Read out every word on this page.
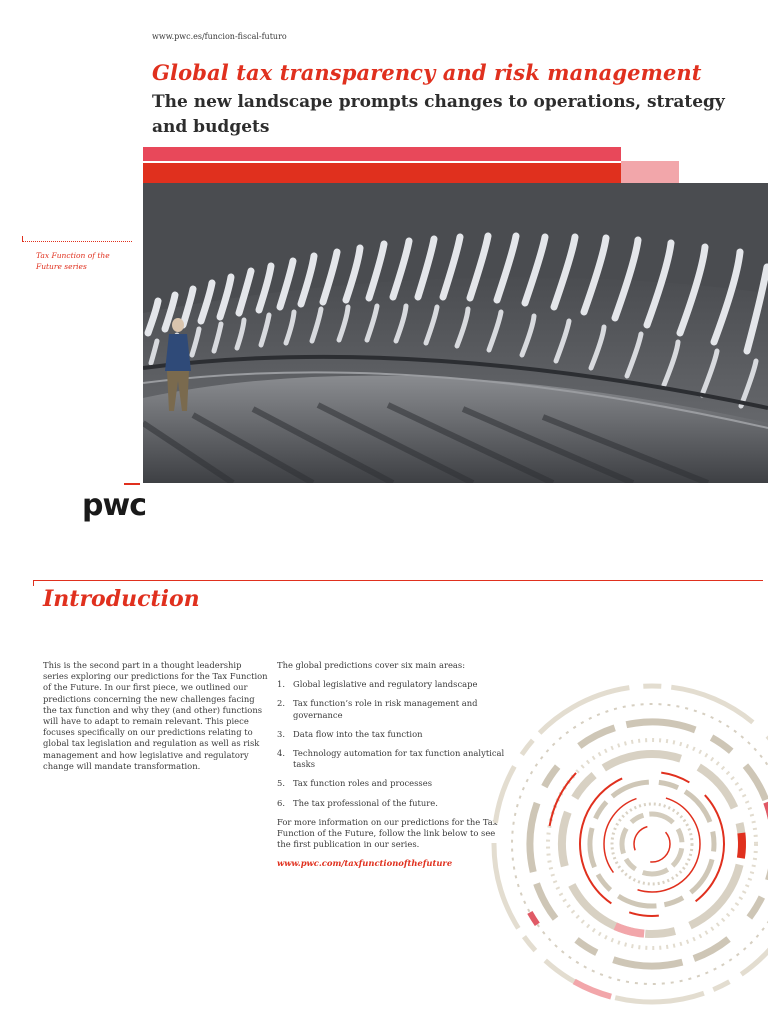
www.pwc.es/funcion-fiscal-futuro
Global tax transparency and risk management
The new landscape prompts changes to operations, strategy and budgets
Tax Function of the Future series
pwc
Introduction
This is the second part in a thought leadership series exploring our predictions for the Tax Function of the Future. In our first piece, we outlined our predictions concerning the new challenges facing the tax function and why they (and other) functions will have to adapt to remain relevant. This piece focuses specifically on our predictions relating to global tax legislation and regulation as well as risk management and how legislative and regulatory change will mandate transformation.

The global predictions cover six main areas:

1. Global legislative and regulatory landscape
2. Tax function’s role in risk management and governance
3. Data flow into the tax function
4. Technology automation for tax function analytical tasks
5. Tax function roles and processes
6. The tax professional of the future.

For more information on our predictions for the Tax Function of the Future, follow the link below to see the first publication in our series.

www.pwc.com/taxfunctionofthefuture
